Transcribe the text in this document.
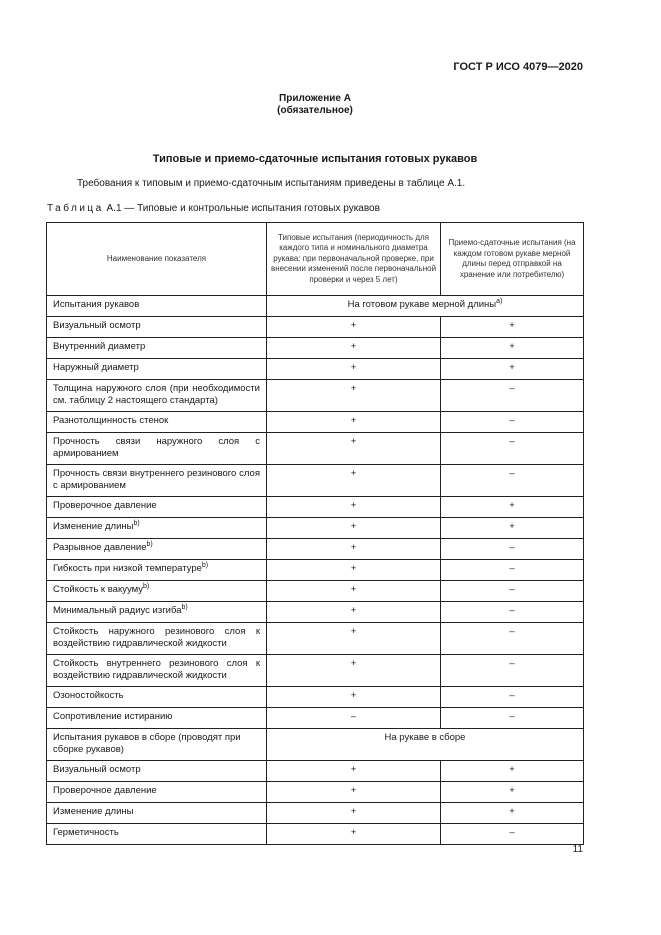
ГОСТ Р ИСО 4079—2020
Приложение А
(обязательное)
Типовые и приемо-сдаточные испытания готовых рукавов
Требования к типовым и приемо-сдаточным испытаниям приведены в таблице А.1.
Таблица А.1 — Типовые и контрольные испытания готовых рукавов
Наименование показателя	Типовые испытания (периодичность для каждого типа и номинального диаметра рукава: при первоначальной проверке, при внесении изменений после первоначальной проверки и через 5 лет)	Приемо-сдаточные испытания (на каждом готовом рукаве мерной длины перед отправкой на хранение или потребителю)
Испытания рукавов	На готовом рукаве мерной длины$^{а)}$
Визуальный осмотр	+	+
Внутренний диаметр	+	+
Наружный диаметр	+	+
Толщина наружного слоя (при необходимости см. таблицу 2 настоящего стандарта)	+	–
Разнотолщинность стенок	+	–
Прочность связи наружного слоя с армированием	+	–
Прочность связи внутреннего резинового слоя с армированием	+	–
Проверочное давление	+	+
Изменение длины$^{b)}$	+	+
Разрывное давление$^{b)}$	+	–
Гибкость при низкой температуре$^{b)}$	+	–
Стойкость к вакууму$^{b)}$	+	–
Минимальный радиус изгиба$^{b)}$	+	–
Стойкость наружного резинового слоя к воздействию гидравлической жидкости	+	–
Стойкость внутреннего резинового слоя к воздействию гидравлической жидкости	+	–
Озоностойкость	+	–
Сопротивление истиранию	–	–
Испытания рукавов в сборе (проводят при сборке рукавов)	На рукаве в сборе	
Визуальный осмотр	+	+
Проверочное давление	+	+
Изменение длины	+	+
Герметичность	+	–
11
